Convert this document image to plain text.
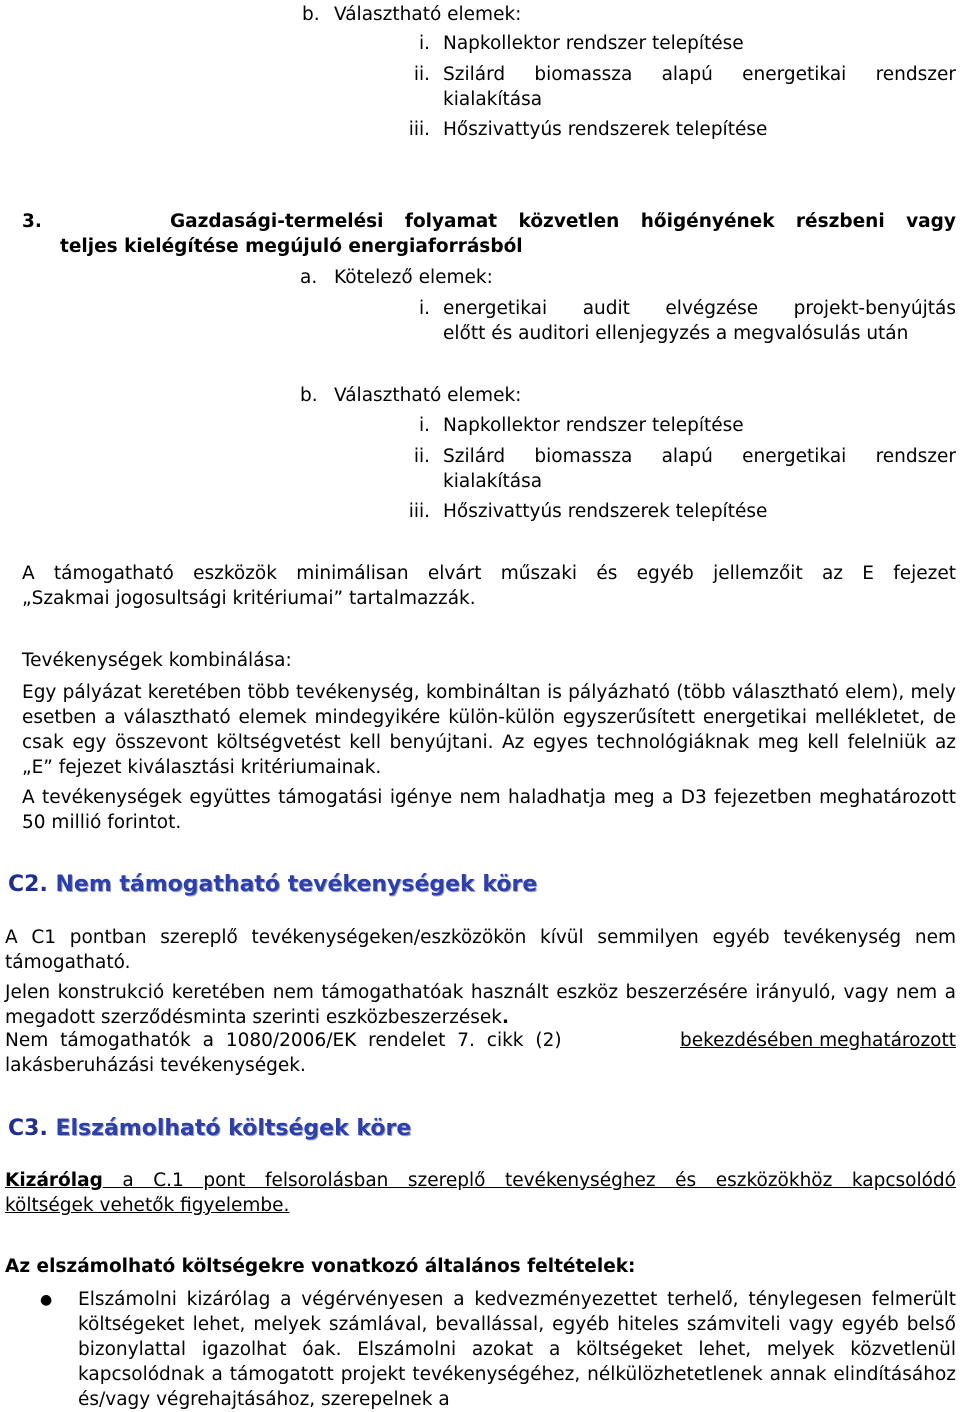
b. Választható elemek:
i. Napkollektor rendszer telepítése
ii. Szilárd biomassza alapú energetikai rendszer
kialakítása
iii. Hőszivattyús rendszerek telepítése
3.	Gazdasági-termelési folyamat közvetlen hőigényének részbeni vagy
teljes kielégítése megújuló energiaforrásból
a. Kötelező elemek:
i. energetikai audit elvégzése projekt-benyújtás
előtt és auditori ellenjegyzés a megvalósulás után
b. Választható elemek:
i. Napkollektor rendszer telepítése
ii. Szilárd biomassza alapú energetikai rendszer
kialakítása
iii. Hőszivattyús rendszerek telepítése
A támogatható eszközök minimálisan elvárt műszaki és egyéb jellemzőit az E fejezet
„Szakmai jogosultsági kritériumai” tartalmazzák.
Tevékenységek kombinálása:

Egy pályázat keretében több tevékenység, kombináltan is pályázható (több választható elem), mely esetben a választható elemek mindegyikére külön-külön egyszerűsített energetikai mellékletet, de csak egy összevont költségvetést kell benyújtani. Az egyes technológiáknak meg kell felelniük az „E” fejezet kiválasztási kritériumainak.

A tevékenységek együttes támogatási igénye nem haladhatja meg a D3 fejezetben meghatározott 50 millió forintot.

C2. Nem támogatható tevékenységek köre

A C1 pontban szereplő tevékenységeken/eszközökön kívül semmilyen egyéb tevékenység nem támogatható.

Jelen konstrukció keretében nem támogathatóak használt eszköz beszerzésére irányuló, vagy nem a megadott szerződésminta szerinti eszközbeszerzések.

Nem támogathatók a 1080/2006/EK rendelet 7. cikk (2)	bekezdésében meghatározott
lakásberuházási tevékenységek.
C3. Elszámolható költségek köre
Kizárólag a C.1 pont felsorolásban szereplő tevékenységhez és eszközökhöz kapcsolódó
költségek vehetők figyelembe.
Az elszámolható költségekre vonatkozó általános feltételek:
● Elszámolni kizárólag a végérvényesen a kedvezményezettet terhelő, ténylegesen felmerült költségeket lehet, melyek számlával, bevallással, egyéb hiteles számviteli vagy egyéb belső bizonylattal igazolhat óak. Elszámolni azokat a költségeket lehet, melyek közvetlenül kapcsolódnak a támogatott projekt tevékenységéhez, nélkülözhetetlenek annak elindításához és/vagy végrehajtásához, szerepelnek a
